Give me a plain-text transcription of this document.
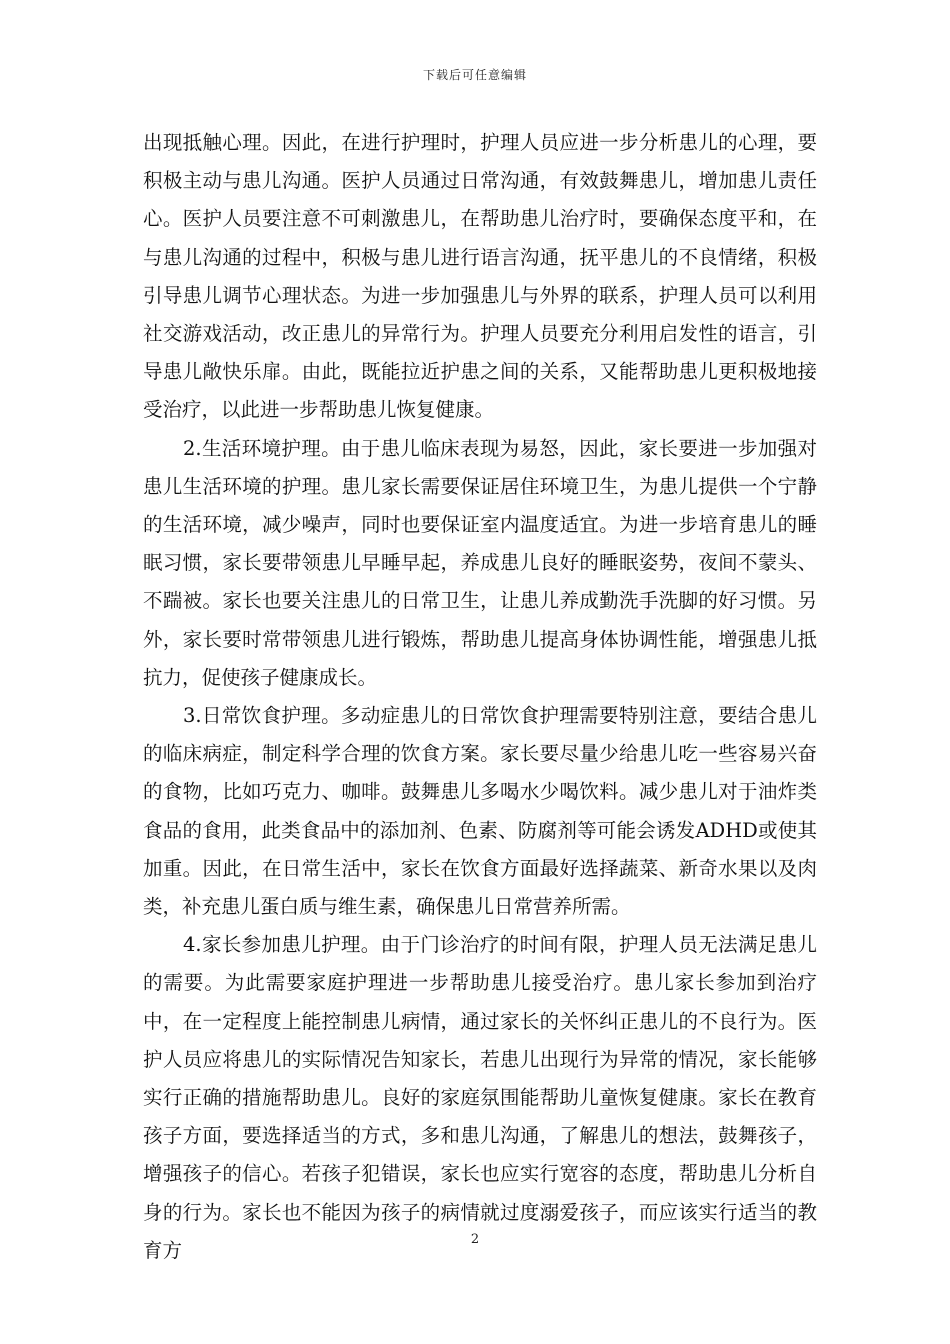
下载后可任意编辑

出现抵触心理。因此，在进行护理时，护理人员应进一步分析患儿的心理，要积极主动与患儿沟通。医护人员通过日常沟通，有效鼓舞患儿，增加患儿责任心。医护人员要注意不可刺激患儿，在帮助患儿治疗时，要确保态度平和，在与患儿沟通的过程中，积极与患儿进行语言沟通，抚平患儿的不良情绪，积极引导患儿调节心理状态。为进一步加强患儿与外界的联系，护理人员可以利用社交游戏活动，改正患儿的异常行为。护理人员要充分利用启发性的语言，引导患儿敞快乐扉。由此，既能拉近护患之间的关系，又能帮助患儿更积极地接受治疗，以此进一步帮助患儿恢复健康。

2.生活环境护理。由于患儿临床表现为易怒，因此，家长要进一步加强对患儿生活环境的护理。患儿家长需要保证居住环境卫生，为患儿提供一个宁静的生活环境，减少噪声，同时也要保证室内温度适宜。为进一步培育患儿的睡眠习惯，家长要带领患儿早睡早起，养成患儿良好的睡眠姿势，夜间不蒙头、不踹被。家长也要关注患儿的日常卫生，让患儿养成勤洗手洗脚的好习惯。另外，家长要时常带领患儿进行锻炼，帮助患儿提高身体协调性能，增强患儿抵抗力，促使孩子健康成长。

3.日常饮食护理。多动症患儿的日常饮食护理需要特别注意，要结合患儿的临床病症，制定科学合理的饮食方案。家长要尽量少给患儿吃一些容易兴奋的食物，比如巧克力、咖啡。鼓舞患儿多喝水少喝饮料。减少患儿对于油炸类食品的食用，此类食品中的添加剂、色素、防腐剂等可能会诱发ADHD或使其加重。因此，在日常生活中，家长在饮食方面最好选择蔬菜、新奇水果以及肉类，补充患儿蛋白质与维生素，确保患儿日常营养所需。

4.家长参加患儿护理。由于门诊治疗的时间有限，护理人员无法满足患儿的需要。为此需要家庭护理进一步帮助患儿接受治疗。患儿家长参加到治疗中，在一定程度上能控制患儿病情，通过家长的关怀纠正患儿的不良行为。医护人员应将患儿的实际情况告知家长，若患儿出现行为异常的情况，家长能够实行正确的措施帮助患儿。良好的家庭氛围能帮助儿童恢复健康。家长在教育孩子方面，要选择适当的方式，多和患儿沟通，了解患儿的想法，鼓舞孩子，增强孩子的信心。若孩子犯错误，家长也应实行宽容的态度，帮助患儿分析自身的行为。家长也不能因为孩子的病情就过度溺爱孩子，而应该实行适当的教育方	2
